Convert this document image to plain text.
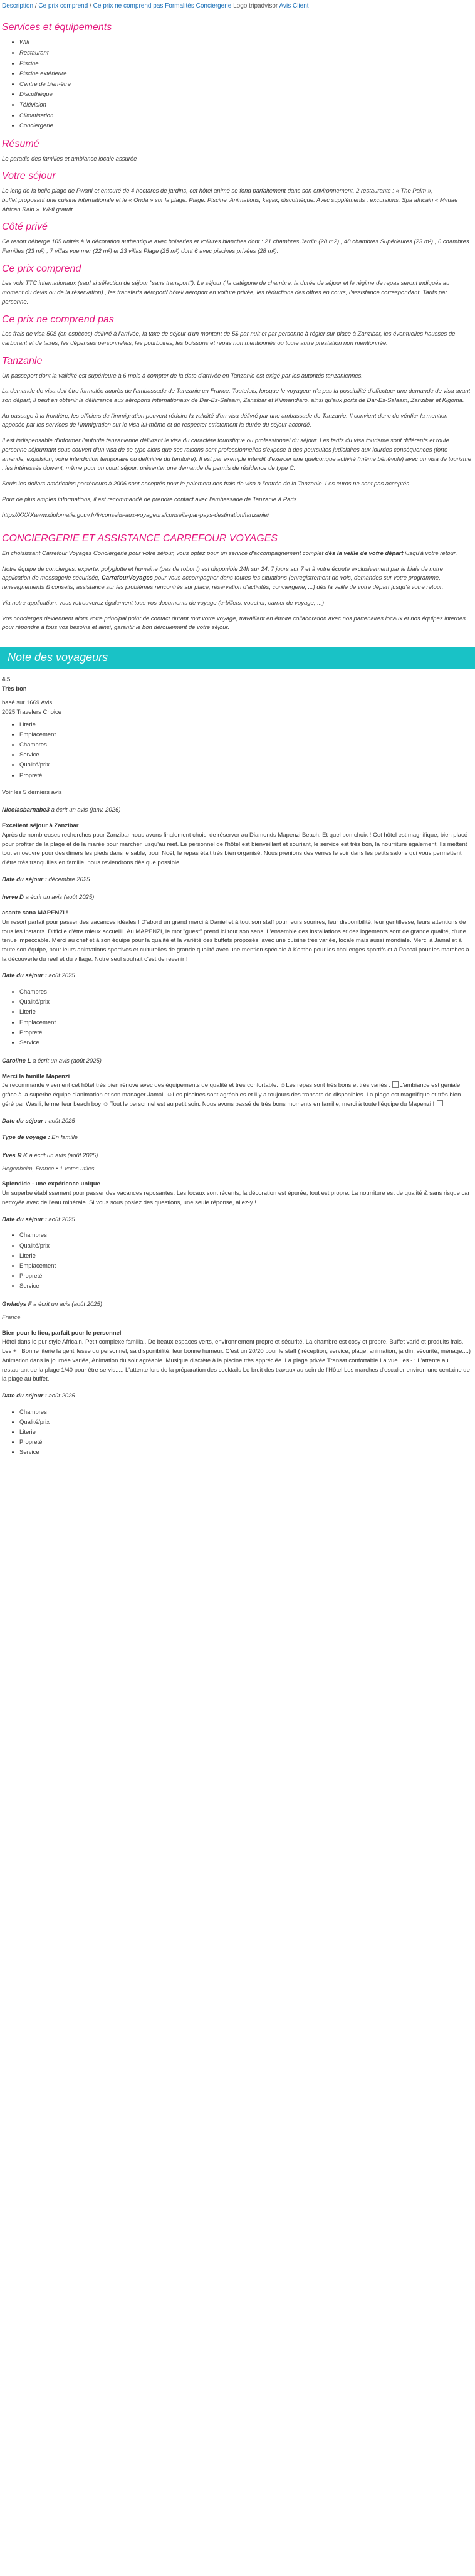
Description / Ce prix comprend / Ce prix ne comprend pas Formalités Conciergerie Logo tripadvisor Avis Client
Services et équipements
• Wifi
• Restaurant
• Piscine
• Piscine extérieure
• Centre de bien-être
• Discothèque
• Télévision
• Climatisation
• Conciergerie
Résumé

Le paradis des familles et ambiance locale assurée

Votre séjour

Le long de la belle plage de Pwani et entouré de 4 hectares de jardins, cet hôtel animé se fond parfaitement dans son environnement. 2 restaurants : « The Palm »,
buffet proposant une cuisine internationale et le « Onda » sur la plage. Plage. Piscine. Animations, kayak, discothèque. Avec suppléments : excursions. Spa africain « Mvuae African Rain ». Wi-fi gratuit.

Côté privé

Ce resort héberge 105 unités à la décoration authentique avec boiseries et voilures blanches dont : 21 chambres Jardin (28 m2) ; 48 chambres Supérieures (23 m²) ; 6 chambres Familles (23 m²) ; 7 villas vue mer (22 m²) et 23 villas Plage (25 m²) dont 6 avec piscines privées (28 m²).

Ce prix comprend

Les vols TTC internationaux (sauf si sélection de séjour "sans transport"), Le séjour ( la catégorie de chambre, la durée de séjour et le régime de repas seront indiqués au moment du devis ou de la réservation) , les transferts aéroport/ hôtel/ aéroport en voiture privée, les réductions des offres en cours, l'assistance correspondant. Tarifs par personne.

Ce prix ne comprend pas

Les frais de visa 50$ (en espèces) délivré à l'arrivée, la taxe de séjour d'un montant de 5$ par nuit et par personne à régler sur place à Zanzibar, les éventuelles hausses de carburant et de taxes, les dépenses personnelles, les pourboires, les boissons et repas non mentionnés ou toute autre prestation non mentionnée.

Tanzanie

Un passeport dont la validité est supérieure à 6 mois à compter de la date d'arrivée en Tanzanie est exigé par les autorités tanzaniennes.

La demande de visa doit être formulée auprès de l'ambassade de Tanzanie en France. Toutefois, lorsque le voyageur n'a pas la possibilité d'effectuer une demande de visa avant son départ, il peut en obtenir la délivrance aux aéroports internationaux de Dar-Es-Salaam, Zanzibar et Kilimandjaro, ainsi qu'aux ports de Dar-Es-Salaam, Zanzibar et Kigoma.

Au passage à la frontière, les officiers de l'immigration peuvent réduire la validité d'un visa délivré par une ambassade de Tanzanie. Il convient donc de vérifier la mention apposée par les services de l'immigration sur le visa lui-même et de respecter strictement la durée du séjour accordé.

Il est indispensable d'informer l'autorité tanzanienne délivrant le visa du caractère touristique ou professionnel du séjour. Les tarifs du visa tourisme sont différents et toute personne séjournant sous couvert d'un visa de ce type alors que ses raisons sont professionnelles s'expose à des poursuites judiciaires aux lourdes conséquences (forte amende, expulsion, voire interdiction temporaire ou définitive du territoire). Il est par exemple interdit d'exercer une quelconque activité (même bénévole) avec un visa de tourisme : les intéressés doivent, même pour un court séjour, présenter une demande de permis de résidence de type C.

Seuls les dollars américains postérieurs à 2006 sont acceptés pour le paiement des frais de visa à l'entrée de la Tanzanie. Les euros ne sont pas acceptés.

Pour de plus amples informations, il est recommandé de prendre contact avec l'ambassade de Tanzanie à Paris

https//XXXXwww.diplomatie.gouv.fr/fr/conseils-aux-voyageurs/conseils-par-pays-destination/tanzanie/

CONCIERGERIE ET ASSISTANCE CARREFOUR VOYAGES

En choisissant Carrefour Voyages Conciergerie pour votre séjour, vous optez pour un service d'accompagnement complet dès la veille de votre départ jusqu'à votre retour.

Notre équipe de concierges, experte, polyglotte et humaine (pas de robot !) est disponible 24h sur 24, 7 jours sur 7 et à votre écoute exclusivement par le biais de notre application de messagerie sécurisée, CarrefourVoyages pour vous accompagner dans toutes les situations (enregistrement de vols, demandes sur votre programme, renseignements & conseils, assistance sur les problèmes rencontrés sur place, réservation d'activités, conciergerie, ...) dès la veille de votre départ jusqu'à votre retour.

Via notre application, vous retrouverez également tous vos documents de voyage (e-billets, voucher, carnet de voyage, ...)

Vos concierges deviennent alors votre principal point de contact durant tout votre voyage, travaillant en étroite collaboration avec nos partenaires locaux et nos équipes internes pour répondre à tous vos besoins et ainsi, garantir le bon déroulement de votre séjour.

Note des voyageurs
4.5
Très bon
basé sur 1669 Avis
2025 Travelers Choice
• Literie
• Emplacement
• Chambres
• Service
• Qualité/prix
• Propreté

Voir les 5 derniers avis

Nicolasbarnabe3 a écrit un avis (janv. 2026)
Excellent séjour à Zanzibar
Après de nombreuses recherches pour Zanzibar nous avons finalement choisi de réserver au Diamonds Mapenzi Beach. Et quel bon choix ! Cet hôtel est magnifique, bien placé pour profiter de la plage et de la marée pour marcher jusqu'au reef. Le personnel de l'hôtel est bienveillant et souriant, le service est très bon, la nourriture également. Ils mettent tout en oeuvre pour des dîners les pieds dans le sable, pour Noël, le repas était très bien organisé. Nous prenions des verres le soir dans les petits salons qui vous permettent d'être très tranquilles en famille, nous reviendrons dès que possible.
Date du séjour : décembre 2025
herve D a écrit un avis (août 2025)
asante sana MAPENZI !
Un resort parfait pour passer des vacances idéales ! D'abord un grand merci à Daniel et à tout son staff pour leurs sourires, leur disponibilité, leur gentillesse, leurs attentions de tous les instants. Difficile d'être mieux accueilli. Au MAPENZI, le mot "guest" prend ici tout son sens. L'ensemble des installations et des logements sont de grande qualité, d'une tenue impeccable. Merci au chef et à son équipe pour la qualité et la variété des buffets proposés, avec une cuisine très variée, locale mais aussi mondiale. Merci à Jamal et à toute son équipe, pour leurs animations sportives et culturelles de grande qualité avec une mention spéciale à Kombo pour les challenges sportifs et à Pascal pour les marches à la découverte du reef et du village. Notre seul souhait c'est de revenir !
Date du séjour : août 2025
• Chambres
• Qualité/prix
• Literie
• Emplacement
• Propreté
• Service
Caroline L a écrit un avis (août 2025)
Merci la famille Mapenzi
Je recommande vivement cet hôtel très bien rénové avec des équipements de qualité et très confortable. ☺Les repas sont très bons et très variés . L'ambiance est géniale grâce à la superbe équipe d'animation et son manager Jamal. ☺Les piscines sont agréables et il y a toujours des transats de disponibles. La plage est magnifique et très bien géré par Wasili, le meilleur beach boy ☺ Tout le personnel est au petit soin. Nous avons passé de très bons moments en famille, merci à toute l'équipe du Mapenzi !
Date du séjour : août 2025
Type de voyage : En famille
Yves R K a écrit un avis (août 2025)
Hegenheim, France • 1 votes utiles
Splendide - une expérience unique
Un superbe établissement pour passer des vacances reposantes. Les locaux sont récents, la décoration est épurée, tout est propre. La nourriture est de qualité & sans risque car nettoyée avec de l'eau minérale. Si vous sous posiez des questions, une seule réponse, allez-y !
Date du séjour : août 2025
• Chambres
• Qualité/prix
• Literie
• Emplacement
• Propreté
• Service
Gwladys F a écrit un avis (août 2025)
France
Bien pour le lieu, parfait pour le personnel
Hôtel dans le pur style Africain. Petit complexe familial. De beaux espaces verts, environnement propre et sécurité. La chambre est cosy et propre. Buffet varié et produits frais. Les + : Bonne literie la gentillesse du personnel, sa disponibilité, leur bonne humeur. C'est un 20/20 pour le staff ( réception, service, plage, animation, jardin, sécurité, ménage....) Animation dans la journée variée, Animation du soir agréable. Musique discrète à la piscine très appréciée. La plage privée Transat confortable La vue Les - : L'attente au restaurant de la plage 1/40 pour être servis..... L'attente lors de la préparation des cocktails Le bruit des travaux au sein de l'Hôtel Les marches d'escalier environ une centaine de la plage au buffet.
Date du séjour : août 2025
• Chambres
• Qualité/prix
• Literie
• Propreté
• Service
